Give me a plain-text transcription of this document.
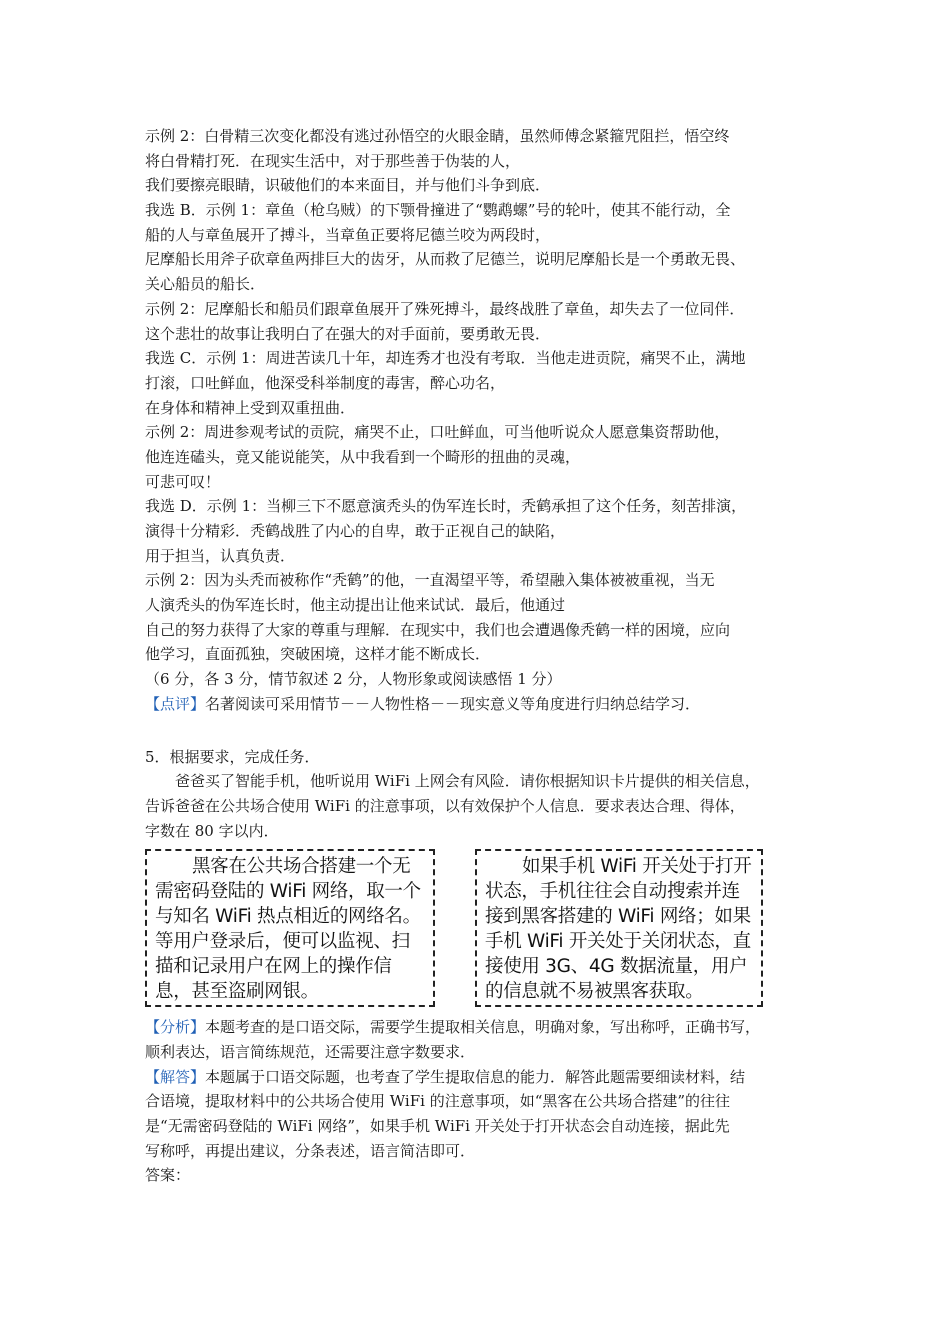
示例 2：白骨精三次变化都没有逃过孙悟空的火眼金睛，虽然师傅念紧箍咒阻拦，悟空终
将白骨精打死．在现实生活中，对于那些善于伪装的人，
我们要擦亮眼睛，识破他们的本来面目，并与他们斗争到底．
我选 B．示例 1：章鱼（枪乌贼）的下颚骨撞进了“鹦鹉螺”号的轮叶，使其不能行动，全
船的人与章鱼展开了搏斗，当章鱼正要将尼德兰咬为两段时，
尼摩船长用斧子砍章鱼两排巨大的齿牙，从而救了尼德兰，说明尼摩船长是一个勇敢无畏、
关心船员的船长．
示例 2：尼摩船长和船员们跟章鱼展开了殊死搏斗，最终战胜了章鱼，却失去了一位同伴．
这个悲壮的故事让我明白了在强大的对手面前，要勇敢无畏．
我选 C．示例 1：周进苦读几十年，却连秀才也没有考取．当他走进贡院，痛哭不止，满地
打滚，口吐鲜血，他深受科举制度的毒害，醉心功名，
在身体和精神上受到双重扭曲．
示例 2：周进参观考试的贡院，痛哭不止，口吐鲜血，可当他听说众人愿意集资帮助他，
他连连磕头，竟又能说能笑，从中我看到一个畸形的扭曲的灵魂，
可悲可叹！
我选 D．示例 1：当柳三下不愿意演秃头的伪军连长时，秃鹤承担了这个任务，刻苦排演，
演得十分精彩．秃鹤战胜了内心的自卑，敢于正视自己的缺陷，
用于担当，认真负责．
示例 2：因为头秃而被称作“秃鹤”的他，一直渴望平等，希望融入集体被被重视，当无
人演秃头的伪军连长时，他主动提出让他来试试．最后，他通过
自己的努力获得了大家的尊重与理解．在现实中，我们也会遭遇像秃鹤一样的困境，应向
他学习，直面孤独，突破困境，这样才能不断成长．
（6 分，各 3 分，情节叙述 2 分，人物形象或阅读感悟 1 分）
【点评】名著阅读可采用情节－－人物性格－－现实意义等角度进行归纳总结学习．
5．根据要求，完成任务．
　　爸爸买了智能手机，他听说用 WiFi 上网会有风险．请你根据知识卡片提供的相关信息，
告诉爸爸在公共场合使用 WiFi 的注意事项，以有效保护个人信息．要求表达合理、得体，
字数在 80 字以内．
黑客在公共场合搭建一个无需密码登陆的 WiFi 网络，取一个与知名 WiFi 热点相近的网络名。等用户登录后，便可以监视、扫描和记录用户在网上的操作信息，甚至盗刷网银。
如果手机 WiFi 开关处于打开状态，手机往往会自动搜索并连接到黑客搭建的 WiFi 网络；如果手机 WiFi 开关处于关闭状态，直接使用 3G、4G 数据流量，用户的信息就不易被黑客获取。
【分析】本题考查的是口语交际，需要学生提取相关信息，明确对象，写出称呼，正确书写，
顺利表达，语言简练规范，还需要注意字数要求．
【解答】本题属于口语交际题，也考查了学生提取信息的能力．解答此题需要细读材料，结
合语境，提取材料中的公共场合使用 WiFi 的注意事项，如“黑客在公共场合搭建”的往往
是“无需密码登陆的 WiFi 网络”，如果手机 WiFi 开关处于打开状态会自动连接，据此先
写称呼，再提出建议，分条表述，语言简洁即可．
答案：
